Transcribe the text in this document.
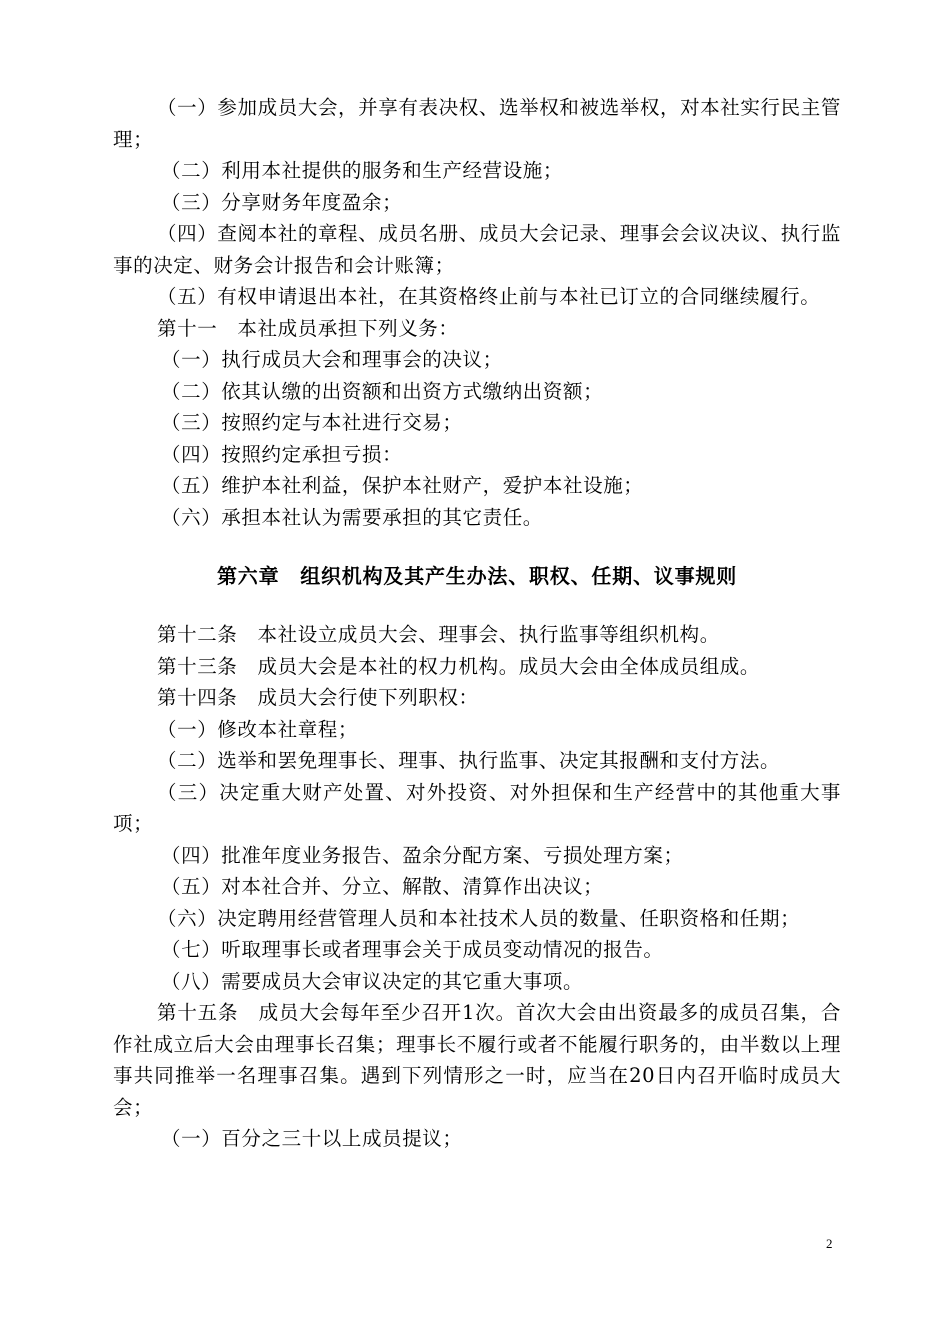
（一）参加成员大会，并享有表决权、选举权和被选举权，对本社实行民主管理；

（二）利用本社提供的服务和生产经营设施；

（三）分享财务年度盈余；

（四）查阅本社的章程、成员名册、成员大会记录、理事会会议决议、执行监事的决定、财务会计报告和会计账簿；

（五）有权申请退出本社，在其资格终止前与本社已订立的合同继续履行。

第十一　本社成员承担下列义务：

（一）执行成员大会和理事会的决议；

（二）依其认缴的出资额和出资方式缴纳出资额；

（三）按照约定与本社进行交易；

（四）按照约定承担亏损：

（五）维护本社利益，保护本社财产，爱护本社设施；

（六）承担本社认为需要承担的其它责任。

第六章　组织机构及其产生办法、职权、任期、议事规则

第十二条　本社设立成员大会、理事会、执行监事等组织机构。

第十三条　成员大会是本社的权力机构。成员大会由全体成员组成。

第十四条　成员大会行使下列职权：

（一）修改本社章程；

（二）选举和罢免理事长、理事、执行监事、决定其报酬和支付方法。

（三）决定重大财产处置、对外投资、对外担保和生产经营中的其他重大事项；

（四）批准年度业务报告、盈余分配方案、亏损处理方案；

（五）对本社合并、分立、解散、清算作出决议；

（六）决定聘用经营管理人员和本社技术人员的数量、任职资格和任期；

（七）听取理事长或者理事会关于成员变动情况的报告。

（八）需要成员大会审议决定的其它重大事项。

第十五条　成员大会每年至少召开1次。首次大会由出资最多的成员召集，合作社成立后大会由理事长召集；理事长不履行或者不能履行职务的，由半数以上理事共同推举一名理事召集。遇到下列情形之一时，应当在20日内召开临时成员大会；

（一）百分之三十以上成员提议；

2
